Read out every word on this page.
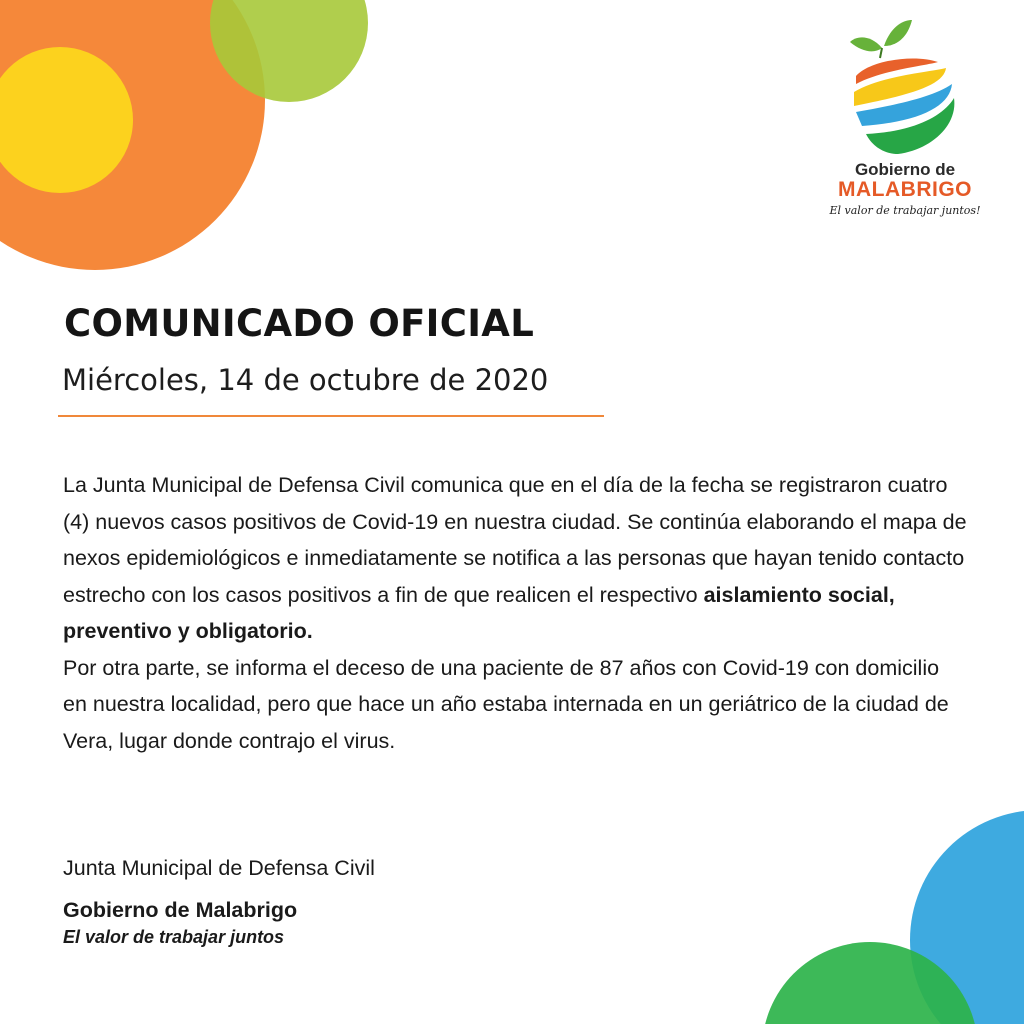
Gobierno de
MALABRIGO
El valor de trabajar juntos!
COMUNICADO OFICIAL
Miércoles, 14 de octubre de 2020

La Junta Municipal de Defensa Civil comunica que en el día de la fecha se registraron cuatro (4) nuevos casos positivos de Covid-19 en nuestra ciudad. Se continúa elaborando el mapa de nexos epidemiológicos e inmediatamente se notifica a las personas que hayan tenido contacto estrecho con los casos positivos a fin de que realicen el respectivo aislamiento social, preventivo y obligatorio.

Por otra parte, se informa el deceso de una paciente de 87 años con Covid-19 con domicilio en nuestra localidad, pero que hace un año estaba internada en un geriátrico de la ciudad de Vera, lugar donde contrajo el virus.

Junta Municipal de Defensa Civil
Gobierno de Malabrigo
El valor de trabajar juntos
